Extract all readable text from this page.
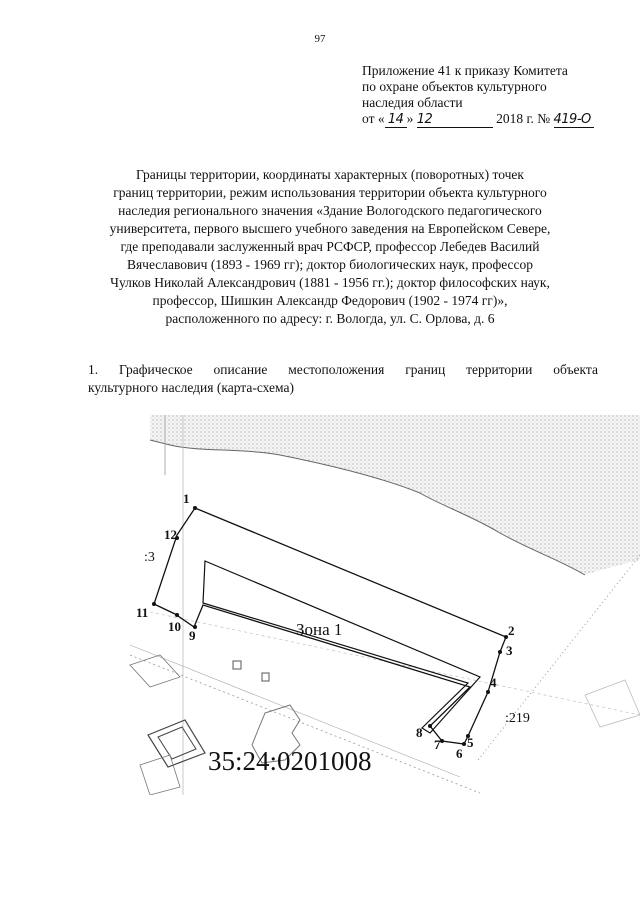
97
Приложение 41 к приказу Комитета
по охране объектов культурного
наследия области
от « 14 » 12	2018 г. № 419-О
Границы территории, координаты характерных (поворотных) точек
границ территории, режим использования территории объекта культурного
наследия регионального значения «Здание Вологодского педагогического
университета, первого высшего учебного заведения на Европейском Севере,
где преподавали заслуженный врач РСФСР, профессор Лебедев Василий
Вячеславович (1893 - 1969 гг); доктор биологических наук, профессор
Чулков Николай Александрович (1881 - 1956 гг.); доктор философских наук,
профессор, Шишкин Александр Федорович (1902 - 1974 гг)»,
расположенного по адресу: г. Вологда, ул. С. Орлова, д. 6
1. Графическое описание местоположения границ территории объекта
культурного наследия (карта-схема)
1
2
3
4
5
6
7
8
9
10
11
12
Зона 1
:3
:219
35:24:0201008
